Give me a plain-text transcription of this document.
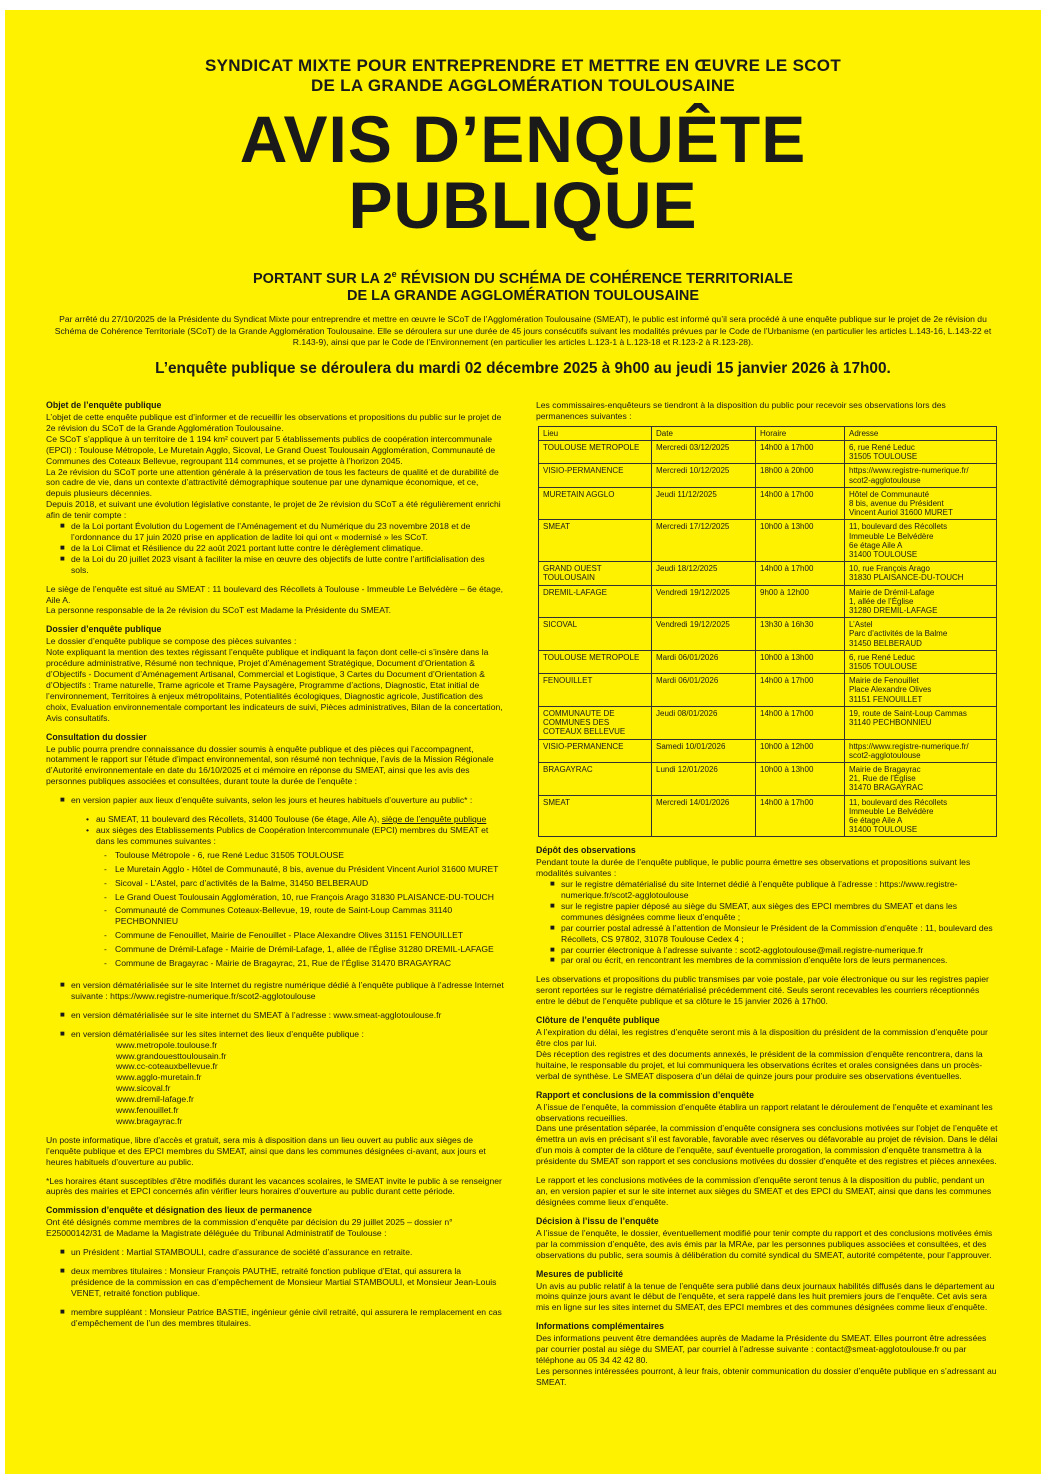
SYNDICAT MIXTE POUR ENTREPRENDRE ET METTRE EN ŒUVRE LE SCOT
DE LA GRANDE AGGLOMÉRATION TOULOUSAINE
AVIS D’ENQUÊTE
PUBLIQUE
PORTANT SUR LA 2e RÉVISION DU SCHÉMA DE COHÉRENCE TERRITORIALE
DE LA GRANDE AGGLOMÉRATION TOULOUSAINE

Par arrêté du 27/10/2025 de la Présidente du Syndicat Mixte pour entreprendre et mettre en œuvre le SCoT de l’Agglomération Toulousaine (SMEAT), le public est informé qu’il sera procédé à une enquête publique sur le projet de 2e révision du Schéma de Cohérence Territoriale (SCoT) de la Grande Agglomération Toulousaine. Elle se déroulera sur une durée de 45 jours consécutifs suivant les modalités prévues par le Code de l’Urbanisme (en particulier les articles L.143-16, L.143-22 et R.143-9), ainsi que par le Code de l’Environnement (en particulier les articles L.123-1 à L.123-18 et R.123-2 à R.123-28).

L’enquête publique se déroulera du mardi 02 décembre 2025 à 9h00 au jeudi 15 janvier 2026 à 17h00.
Objet de l’enquête publique

L’objet de cette enquête publique est d’informer et de recueillir les observations et propositions du public sur le projet de 2e révision du SCoT de la Grande Agglomération Toulousaine.

Ce SCoT s’applique à un territoire de 1 194 km² couvert par 5 établissements publics de coopération intercommunale (EPCI) : Toulouse Métropole, Le Muretain Agglo, Sicoval, Le Grand Ouest Toulousain Agglomération, Communauté de Communes des Coteaux Bellevue, regroupant 114 communes, et se projette à l’horizon 2045.

La 2e révision du SCoT porte une attention générale à la préservation de tous les facteurs de qualité et de durabilité de son cadre de vie, dans un contexte d’attractivité démographique soutenue par une dynamique économique, et ce, depuis plusieurs décennies.

Depuis 2018, et suivant une évolution législative constante, le projet de 2e révision du SCoT a été régulièrement enrichi afin de tenir compte :

■ de la Loi portant Évolution du Logement de l’Aménagement et du Numérique du 23 novembre 2018 et de l’ordonnance du 17 juin 2020 prise en application de ladite loi qui ont « modernisé » les SCoT.
■ de la Loi Climat et Résilience du 22 août 2021 portant lutte contre le dérèglement climatique.
■ de la Loi du 20 juillet 2023 visant à faciliter la mise en œuvre des objectifs de lutte contre l’artificialisation des sols.

Le siège de l’enquête est situé au SMEAT : 11 boulevard des Récollets à Toulouse - Immeuble Le Belvédère – 6e étage, Aile A.

La personne responsable de la 2e révision du SCoT est Madame la Présidente du SMEAT.

Dossier d’enquête publique

Le dossier d’enquête publique se compose des pièces suivantes :

Note expliquant la mention des textes régissant l’enquête publique et indiquant la façon dont celle-ci s’insère dans la procédure administrative, Résumé non technique, Projet d’Aménagement Stratégique, Document d’Orientation & d’Objectifs - Document d’Aménagement Artisanal, Commercial et Logistique, 3 Cartes du Document d’Orientation & d’Objectifs : Trame naturelle, Trame agricole et Trame Paysagère, Programme d’actions, Diagnostic, Etat initial de l’environnement, Territoires à enjeux métropolitains, Potentialités écologiques, Diagnostic agricole, Justification des choix, Evaluation environnementale comportant les indicateurs de suivi, Pièces administratives, Bilan de la concertation, Avis consultatifs.

Consultation du dossier

Le public pourra prendre connaissance du dossier soumis à enquête publique et des pièces qui l’accompagnent, notamment le rapport sur l’étude d’impact environnemental, son résumé non technique, l’avis de la Mission Régionale d’Autorité environnementale en date du 16/10/2025 et ci mémoire en réponse du SMEAT, ainsi que les avis des personnes publiques associées et consultées, durant toute la durée de l’enquête :

■ en version papier aux lieux d’enquête suivants, selon les jours et heures habituels d’ouverture au public* :
• au SMEAT, 11 boulevard des Récollets, 31400 Toulouse (6e étage, Aile A), siège de l’enquête publique
• aux sièges des Etablissements Publics de Coopération Intercommunale (EPCI) membres du SMEAT et dans les communes suivantes :
- Toulouse Métropole - 6, rue René Leduc 31505 TOULOUSE
- Le Muretain Agglo - Hôtel de Communauté, 8 bis, avenue du Président Vincent Auriol 31600 MURET
- Sicoval - L’Astel, parc d’activités de la Balme, 31450 BELBERAUD
- Le Grand Ouest Toulousain Agglomération, 10, rue François Arago 31830 PLAISANCE-DU-TOUCH
- Communauté de Communes Coteaux-Bellevue, 19, route de Saint-Loup Cammas 31140 PECHBONNIEU
- Commune de Fenouillet, Mairie de Fenouillet - Place Alexandre Olives 31151 FENOUILLET
- Commune de Drémil-Lafage - Mairie de Drémil-Lafage, 1, allée de l’Église 31280 DREMIL-LAFAGE
- Commune de Bragayrac - Mairie de Bragayrac, 21, Rue de l’Église 31470 BRAGAYRAC
■ en version dématérialisée sur le site Internet du registre numérique dédié à l’enquête publique à l’adresse Internet suivante : https://www.registre-numerique.fr/scot2-agglotoulouse
■ en version dématérialisée sur le site internet du SMEAT à l’adresse : www.smeat-agglotoulouse.fr
■ en version dématérialisée sur les sites internet des lieux d’enquête publique :
www.metropole.toulouse.fr
www.grandouesttoulousain.fr
www.cc-coteauxbellevue.fr
www.agglo-muretain.fr
www.sicoval.fr
www.dremil-lafage.fr
www.fenouillet.fr
www.bragayrac.fr

Un poste informatique, libre d’accès et gratuit, sera mis à disposition dans un lieu ouvert au public aux sièges de l’enquête publique et des EPCI membres du SMEAT, ainsi que dans les communes désignées ci-avant, aux jours et heures habituels d’ouverture au public.

*Les horaires étant susceptibles d’être modifiés durant les vacances scolaires, le SMEAT invite le public à se renseigner auprès des mairies et EPCI concernés afin vérifier leurs horaires d’ouverture au public durant cette période.

Commission d’enquête et désignation des lieux de permanence

Ont été désignés comme membres de la commission d’enquête par décision du 29 juillet 2025 – dossier n° E25000142/31 de Madame la Magistrate déléguée du Tribunal Administratif de Toulouse :

■ un Président : Martial STAMBOULI, cadre d’assurance de société d’assurance en retraite.
■ deux membres titulaires : Monsieur François PAUTHE, retraité fonction publique d’Etat, qui assurera la présidence de la commission en cas d’empêchement de Monsieur Martial STAMBOULI, et Monsieur Jean-Louis VENET, retraité fonction publique.
■ membre suppléant : Monsieur Patrice BASTIE, ingénieur génie civil retraité, qui assurera le remplacement en cas d’empêchement de l’un des membres titulaires.

Les commissaires-enquêteurs se tiendront à la disposition du public pour recevoir ses observations lors des permanences suivantes :

Lieu	Date	Horaire	Adresse
TOULOUSE METROPOLE	Mercredi 03/12/2025	14h00 à 17h00	6, rue René Leduc
31505 TOULOUSE
VISIO-PERMANENCE	Mercredi 10/12/2025	18h00 à 20h00	https://www.registre-numerique.fr/
scot2-agglotoulouse
MURETAIN AGGLO	Jeudi 11/12/2025	14h00 à 17h00	Hôtel de Communauté
8 bis, avenue du Président
Vincent Auriol 31600 MURET
SMEAT	Mercredi 17/12/2025	10h00 à 13h00	11, boulevard des Récollets
Immeuble Le Belvédère
6e étage Aile A
31400 TOULOUSE
GRAND OUEST
TOULOUSAIN	Jeudi 18/12/2025	14h00 à 17h00	10, rue François Arago
31830 PLAISANCE-DU-TOUCH
DREMIL-LAFAGE	Vendredi 19/12/2025	9h00 à 12h00	Mairie de Drémil-Lafage
1, allée de l’Église
31280 DREMIL-LAFAGE
SICOVAL	Vendredi 19/12/2025	13h30 à 16h30	L’Astel
Parc d’activités de la Balme
31450 BELBERAUD
TOULOUSE METROPOLE	Mardi 06/01/2026	10h00 à 13h00	6, rue René Leduc
31505 TOULOUSE
FENOUILLET	Mardi 06/01/2026	14h00 à 17h00	Mairie de Fenouillet
Place Alexandre Olives
31151 FENOUILLET
COMMUNAUTE DE
COMMUNES DES
COTEAUX BELLEVUE	Jeudi 08/01/2026	14h00 à 17h00	19, route de Saint-Loup Cammas
31140 PECHBONNIEU
VISIO-PERMANENCE	Samedi 10/01/2026	10h00 à 12h00	https://www.registre-numerique.fr/
scot2-agglotoulouse
BRAGAYRAC	Lundi 12/01/2026	10h00 à 13h00	Mairie de Bragayrac
21, Rue de l’Église
31470 BRAGAYRAC
SMEAT	Mercredi 14/01/2026	14h00 à 17h00	11, boulevard des Récollets
Immeuble Le Belvédère
6e étage Aile A
31400 TOULOUSE
Dépôt des observations

Pendant toute la durée de l’enquête publique, le public pourra émettre ses observations et propositions suivant les modalités suivantes :

■ sur le registre dématérialisé du site Internet dédié à l’enquête publique à l’adresse : https://www.registre-numerique.fr/scot2-agglotoulouse
■ sur le registre papier déposé au siège du SMEAT, aux sièges des EPCI membres du SMEAT et dans les communes désignées comme lieux d’enquête ;
■ par courrier postal adressé à l’attention de Monsieur le Président de la Commission d’enquête : 11, boulevard des Récollets, CS 97802, 31078 Toulouse Cedex 4 ;
■ par courrier électronique à l’adresse suivante : scot2-agglotoulouse@mail.registre-numerique.fr
■ par oral ou écrit, en rencontrant les membres de la commission d’enquête lors de leurs permanences.

Les observations et propositions du public transmises par voie postale, par voie électronique ou sur les registres papier seront reportées sur le registre dématérialisé précédemment cité. Seuls seront recevables les courriers réceptionnés entre le début de l’enquête publique et sa clôture le 15 janvier 2026 à 17h00.

Clôture de l’enquête publique

A l’expiration du délai, les registres d’enquête seront mis à la disposition du président de la commission d’enquête pour être clos par lui.

Dès réception des registres et des documents annexés, le président de la commission d’enquête rencontrera, dans la huitaine, le responsable du projet, et lui communiquera les observations écrites et orales consignées dans un procès-verbal de synthèse. Le SMEAT disposera d’un délai de quinze jours pour produire ses observations éventuelles.

Rapport et conclusions de la commission d’enquête

A l’issue de l’enquête, la commission d’enquête établira un rapport relatant le déroulement de l’enquête et examinant les observations recueillies.

Dans une présentation séparée, la commission d’enquête consignera ses conclusions motivées sur l’objet de l’enquête et émettra un avis en précisant s’il est favorable, favorable avec réserves ou défavorable au projet de révision. Dans le délai d’un mois à compter de la clôture de l’enquête, sauf éventuelle prorogation, la commission d’enquête transmettra à la présidente du SMEAT son rapport et ses conclusions motivées du dossier d’enquête et des registres et pièces annexées.

Le rapport et les conclusions motivées de la commission d’enquête seront tenus à la disposition du public, pendant un an, en version papier et sur le site internet aux sièges du SMEAT et des EPCI du SMEAT, ainsi que dans les communes désignées comme lieux d’enquête.

Décision à l’issu de l’enquête

A l’issue de l’enquête, le dossier, éventuellement modifié pour tenir compte du rapport et des conclusions motivées émis par la commission d’enquête, des avis émis par la MRAe, par les personnes publiques associées et consultées, et des observations du public, sera soumis à délibération du comité syndical du SMEAT, autorité compétente, pour l’approuver.

Mesures de publicité

Un avis au public relatif à la tenue de l’enquête sera publié dans deux journaux habilités diffusés dans le département au moins quinze jours avant le début de l’enquête, et sera rappelé dans les huit premiers jours de l’enquête. Cet avis sera mis en ligne sur les sites internet du SMEAT, des EPCI membres et des communes désignées comme lieux d’enquête.

Informations complémentaires

Des informations peuvent être demandées auprès de Madame la Présidente du SMEAT. Elles pourront être adressées par courrier postal au siège du SMEAT, par courriel à l’adresse suivante : contact@smeat-agglotoulouse.fr ou par téléphone au 05 34 42 42 80.

Les personnes intéressées pourront, à leur frais, obtenir communication du dossier d’enquête publique en s’adressant au SMEAT.
